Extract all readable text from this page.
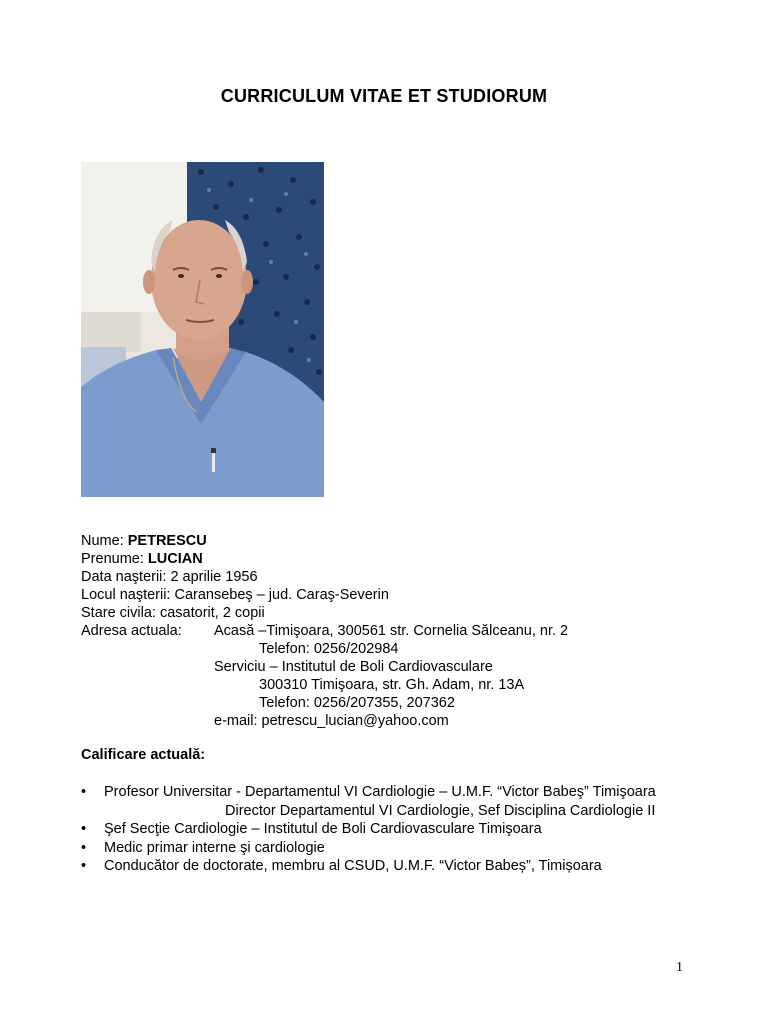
CURRICULUM VITAE ET STUDIORUM
Nume: PETRESCU
Prenume: LUCIAN
Data naşterii: 2 aprilie 1956
Locul naşterii: Caransebeş – jud. Caraş-Severin
Stare civila: casatorit, 2 copii
Adresa actuala: Acasă –Timişoara, 300561 str. Cornelia Sălceanu, nr. 2
Telefon: 0256/202984
Serviciu – Institutul de Boli Cardiovasculare
300310 Timişoara, str. Gh. Adam, nr. 13A
Telefon: 0256/207355, 207362
e-mail: petrescu_lucian@yahoo.com
Calificare actuală:
• Profesor Universitar - Departamentul VI Cardiologie – U.M.F. “Victor Babeş” Timişoara
Director Departamentul VI Cardiologie, Sef Disciplina Cardiologie II
• Şef Secţie Cardiologie – Institutul de Boli Cardiovasculare Timişoara
• Medic primar interne şi cardiologie
• Conducător de doctorate, membru al CSUD, U.M.F. “Victor Babeș”, Timișoara
1
